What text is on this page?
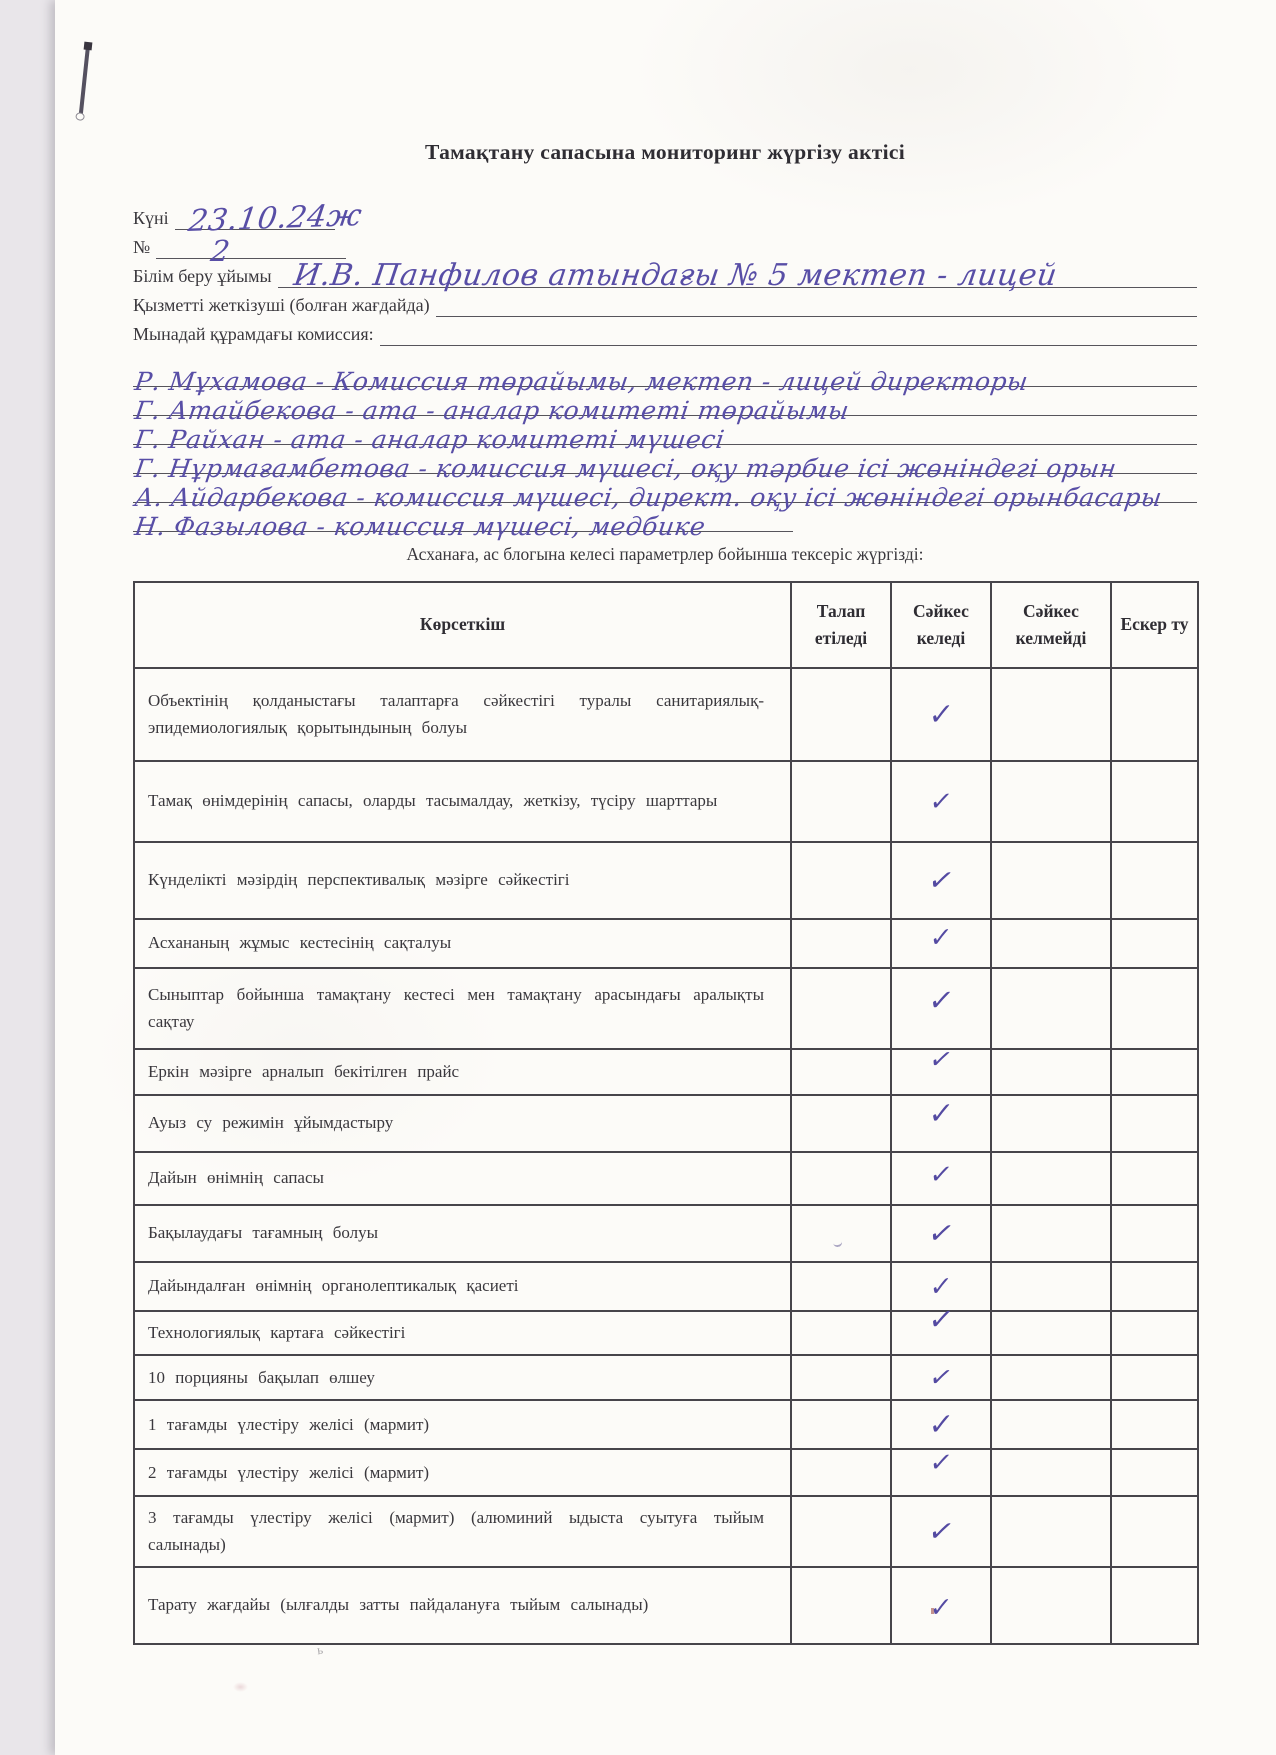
ь
Тамақтану сапасына мониторинг жүргізу актісі
Күні 23.10.24ж
№ 2
Білім беру ұйымы И.В. Панфилов атындағы № 5 мектеп - лицей
Қызметті жеткізуші (болған жағдайда)
Мынадай құрамдағы комиссия:
Р. Мұхамова - Комиссия төрайымы, мектеп - лицей директоры
Г. Атайбекова - ата - аналар комитеті төрайымы
Г. Райхан - ата - аналар комитеті мүшесі
Г. Нұрмағамбетова - комиссия мүшесі, оқу тәрбие ісі жөніндегі орын
А. Айдарбекова - комиссия мүшесі, директ. оқу ісі жөніндегі орынбасары
Н. Фазылова - комиссия мүшесі, медбике

Асханаға, ас блогына келесі параметрлер бойынша тексеріс жүргізді:

Көрсеткіш	Талап етіледі	Сәйкес келеді	Сәйкес келмейді	Ескер ту
Объектінің қолданыстағы талаптарға сәйкестігі туралы санитариялық-эпидемиологиялық қорытындының болуы		✓		
Тамақ өнімдерінің сапасы, оларды тасымалдау, жеткізу, түсіру шарттары		✓		
Күнделікті мәзірдің перспективалық мәзірге сәйкестігі		✓		
Асхананың жұмыс кестесінің сақталуы		✓		
Сыныптар бойынша тамақтану кестесі мен тамақтану арасындағы аралықты сақтау		✓		
Еркін мәзірге арналып бекітілген прайс		✓		
Ауыз су режимін ұйымдастыру		✓		
Дайын өнімнің сапасы		✓		
Бақылаудағы тағамның болуы		✓		
Дайындалған өнімнің органолептикалық қасиеті		✓		
Технологиялық картаға сәйкестігі		✓		
10 порцияны бақылап өлшеу		✓		
1 тағамды үлестіру желісі (мармит)		✓		
2 тағамды үлестіру желісі (мармит)		✓		
3 тағамды үлестіру желісі (мармит) (алюминий ыдыста суытуға тыйым салынады)		✓		
Тарату жағдайы (ылғалды затты пайдалануға тыйым салынады)		✓		
